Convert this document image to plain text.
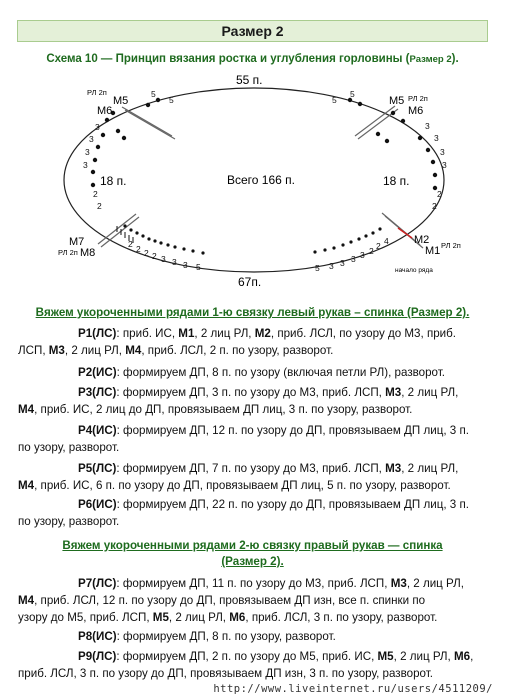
Размер 2
Схема 10 — Принцип вязания ростка и углубления горловины (Размер 2).
55 п.
67п.
18 п.	18 п.
Всего 166 п.
РЛ 2п
M5
M6
РЛ 2п
M5
M6
M7
РЛ 2п M8
M2
M1 РЛ 2п
начало ряда
5
5
3
3
3
3
2
2
5
5
3
3
3
3
2
2
2 2 2 2 3 3 3 5	5 3 3 3 3 2 2 4
Вяжем укороченными рядами 1-ю связку левый рукав – спинка (Размер 2).
Р1(ЛС): приб. ИС, М1, 2 лиц РЛ, М2, приб. ЛСЛ, по узору до М3, приб.
ЛСП, М3, 2 лиц РЛ, М4, приб. ЛСЛ, 2 п. по узору, разворот.
Р2(ИС): формируем ДП, 8 п. по узору (включая петли РЛ), разворот.
Р3(ЛС): формируем ДП, 3 п. по узору до М3, приб. ЛСП, М3, 2 лиц РЛ,
М4, приб. ИС, 2 лиц до ДП, провязываем ДП лиц, 3 п. по узору, разворот.
Р4(ИС): формируем ДП, 12 п. по узору до ДП, провязываем ДП лиц, 3 п.
по узору, разворот.
Р5(ЛС): формируем ДП, 7 п. по узору до М3, приб. ЛСП, М3, 2 лиц РЛ,
М4, приб. ИС, 6 п. по узору до ДП, провязываем ДП лиц, 5 п. по узору, разворот.
Р6(ИС): формируем ДП, 22 п. по узору до ДП, провязываем ДП лиц, 3 п.
по узору, разворот.
Вяжем укороченными рядами 2-ю связку правый рукав — спинка
(Размер 2).
Р7(ЛС): формируем ДП, 11 п. по узору до М3, приб. ЛСП, М3, 2 лиц РЛ,
М4, приб. ЛСЛ, 12 п. по узору до ДП, провязываем ДП изн, все п. спинки по
узору до М5, приб. ЛСП, М5, 2 лиц РЛ, М6, приб. ЛСЛ, 3 п. по узору, разворот.
Р8(ИС): формируем ДП, 8 п. по узору, разворот.
Р9(ЛС): формируем ДП, 2 п. по узору до М5, приб. ИС, М5, 2 лиц РЛ, М6,
приб. ЛСЛ, 3 п. по узору до ДП, провязываем ДП изн, 3 п. по узору, разворот.
http://www.liveinternet.ru/users/4511209/
